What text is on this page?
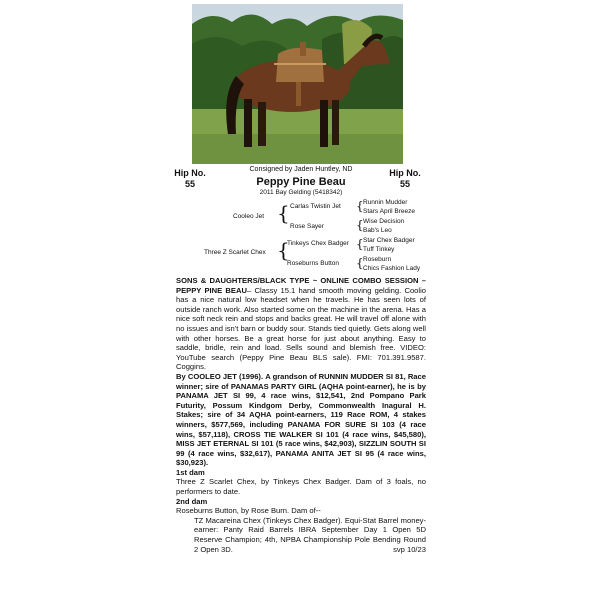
Hip No.
55
Hip No.
55
Consigned by Jaden Huntley, ND
Peppy Pine Beau
2011 Bay Gelding (5418342)
Carlas Twistin Jet
Runnin Mudder
Stars April Breeze
{
Cooleo Jet {
Rose Sayer
Wise Decision
Bab's Leo
{
Tinkeys Chex Badger Star Chex Badger
Tuff Tinkey
{
Three Z Scarlet Chex {
Roseburns Button
Roseburn
Chics Fashion Lady
{

SONS & DAUGHTERS/BLACK TYPE ~ ONLINE COMBO SESSION – PEPPY PINE BEAU– Classy 15.1 hand smooth moving gelding. Coolio has a nice natural low headset when he travels. He has seen lots of outside ranch work. Also started some on the machine in the arena. Has a nice soft neck rein and stops and backs great. He will travel off alone with no issues and isn't barn or buddy sour. Stands tied quietly. Gets along well with other horses. Be a great horse for just about anything. Easy to saddle, bridle, rein and load. Sells sound and blemish free. VIDEO: YouTube search (Peppy Pine Beau BLS sale). FMI: 701.391.9587. Coggins.

By COOLEO JET (1996). A grandson of RUNNIN MUDDER SI 81, Race winner; sire of PANAMAS PARTY GIRL (AQHA point-earner), he is by PANAMA JET SI 99, 4 race wins, $12,541, 2nd Pompano Park Futurity, Possum Kindgom Derby, Commonwealth Inagural H. Stakes; sire of 34 AQHA point-earners, 119 Race ROM, 4 stakes winners, $577,569, including PANAMA FOR SURE SI 103 (4 race wins, $57,118), CROSS TIE WALKER SI 101 (4 race wins, $45,580), MISS JET ETERNAL SI 101 (5 race wins, $42,903), SIZZLIN SOUTH SI 99 (4 race wins, $32,617), PANAMA ANITA JET SI 95 (4 race wins, $30,923).

1st dam

Three Z Scarlet Chex, by Tinkeys Chex Badger. Dam of 3 foals, no performers to date.

2nd dam

Roseburns Button, by Rose Burn. Dam of--

TZ Macareina Chex (Tinkeys Chex Badger). Equi-Stat Barrel money-earner: Panty Raid Barrels IBRA September Day 1 Open 5D Reserve Champion; 4th, NPBA Championship Pole Bending Round 2 Open 3D.	svp 10/23
